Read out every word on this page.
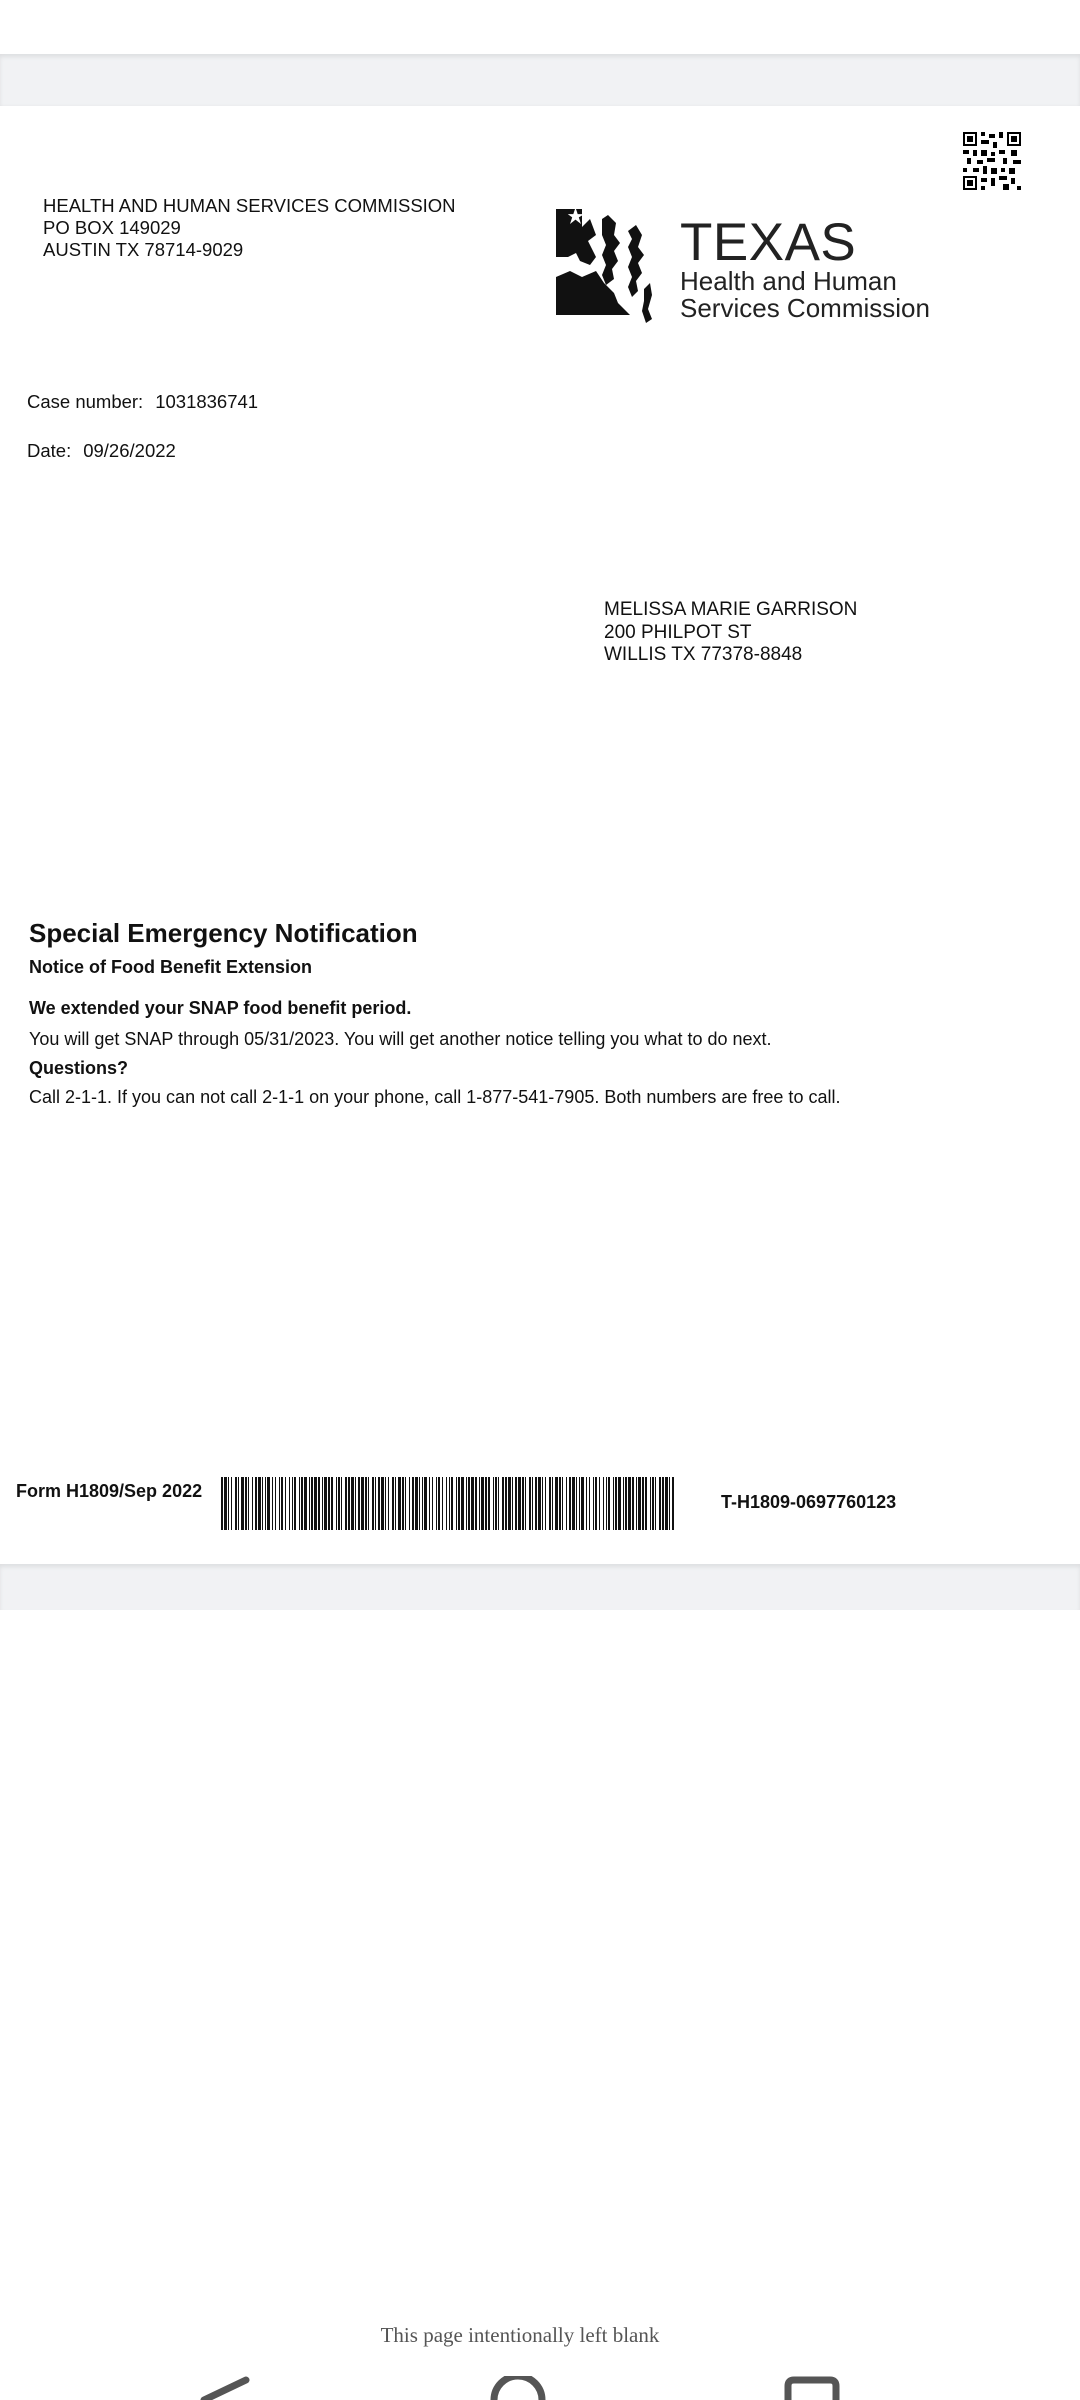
HEALTH AND HUMAN SERVICES COMMISSION
PO BOX 149029
AUSTIN TX 78714-9029	TEXAS
Health and Human
Services Commission
Case number: 1031836741
Date: 09/26/2022
MELISSA MARIE GARRISON
200 PHILPOT ST
WILLIS TX 77378-8848
Special Emergency Notification
Notice of Food Benefit Extension
We extended your SNAP food benefit period.
You will get SNAP through 05/31/2023. You will get another notice telling you what to do next.
Questions?
Call 2-1-1. If you can not call 2-1-1 on your phone, call 1-877-541-7905. Both numbers are free to call.
Form H1809/Sep 2022
T-H1809-0697760123
This page intentionally left blank
